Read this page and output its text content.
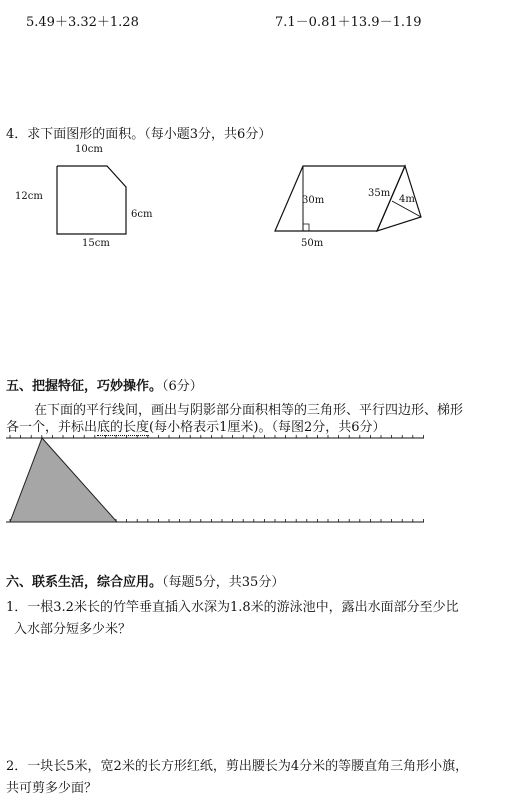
5.49＋3.32＋1.28	7.1－0.81＋13.9－1.19
4．求下面图形的面积。（每小题3分，共6分）
10cm
12cm
6cm
15cm
30m
50m
35m
4m
五、把握特征，巧妙操作。（6分）
在下面的平行线间，画出与阴影部分面积相等的三角形、平行四边形、梯形
各一个，并标出底的长度(每小格表示1厘米)。（每图2分，共6分）
六、联系生活，综合应用。（每题5分，共35分）
1．一根3.2米长的竹竿垂直插入水深为1.8米的游泳池中，露出水面部分至少比
入水部分短多少米？
2．一块长5米，宽2米的长方形红纸，剪出腰长为4分米的等腰直角三角形小旗，
共可剪多少面？
